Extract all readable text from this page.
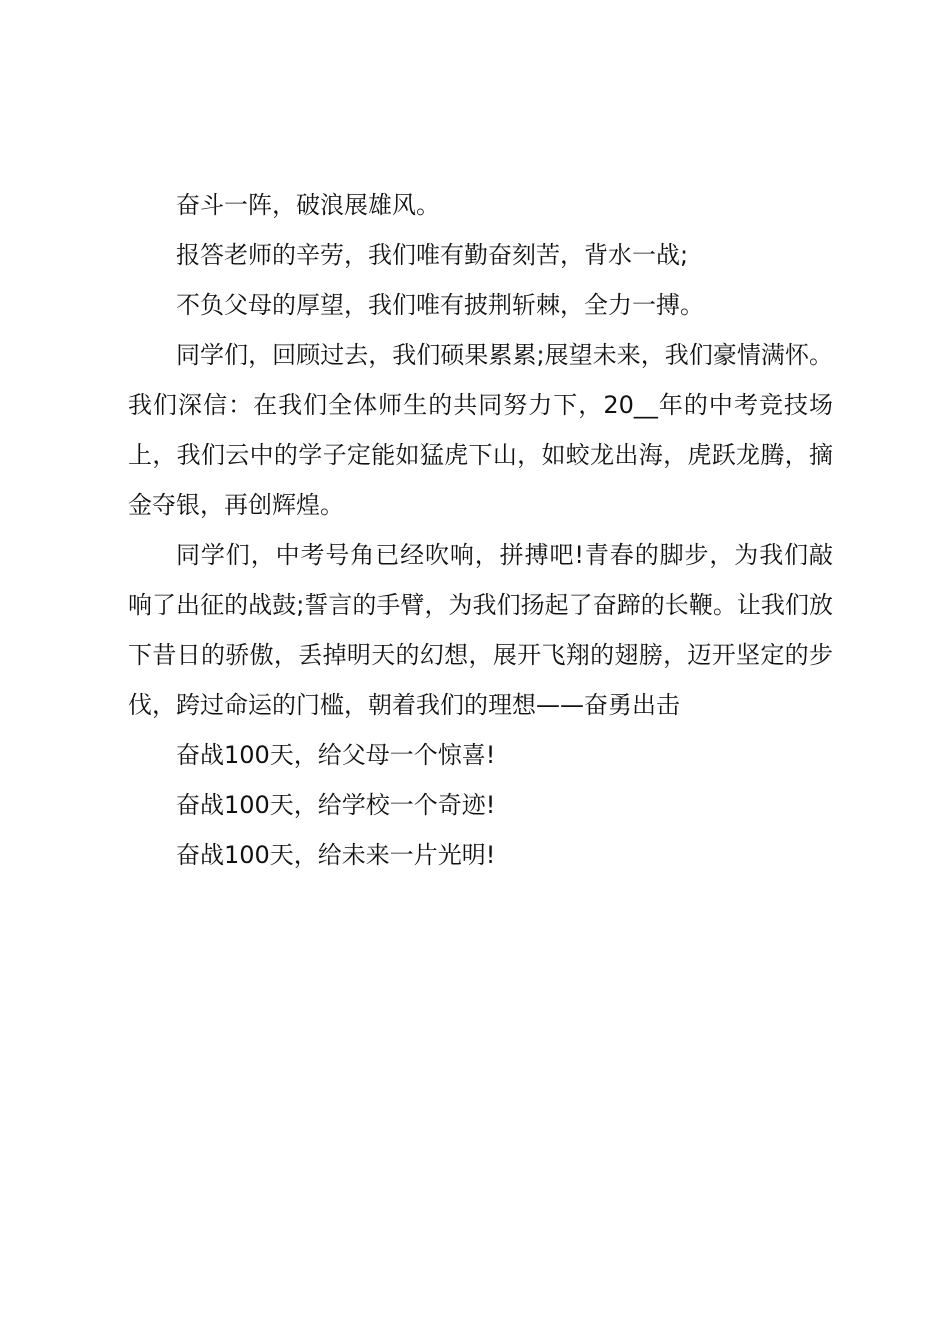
奋斗一阵，破浪展雄风。

报答老师的辛劳，我们唯有勤奋刻苦，背水一战;

不负父母的厚望，我们唯有披荆斩棘，全力一搏。

同学们，回顾过去，我们硕果累累;展望未来，我们豪情满怀。我们深信：在我们全体师生的共同努力下，20__年的中考竞技场上，我们云中的学子定能如猛虎下山，如蛟龙出海，虎跃龙腾，摘金夺银，再创辉煌。

同学们，中考号角已经吹响，拼搏吧!青春的脚步，为我们敲响了出征的战鼓;誓言的手臂，为我们扬起了奋蹄的长鞭。让我们放下昔日的骄傲，丢掉明天的幻想，展开飞翔的翅膀，迈开坚定的步伐，跨过命运的门槛，朝着我们的理想——奋勇出击

奋战100天，给父母一个惊喜!

奋战100天，给学校一个奇迹!

奋战100天，给未来一片光明!
